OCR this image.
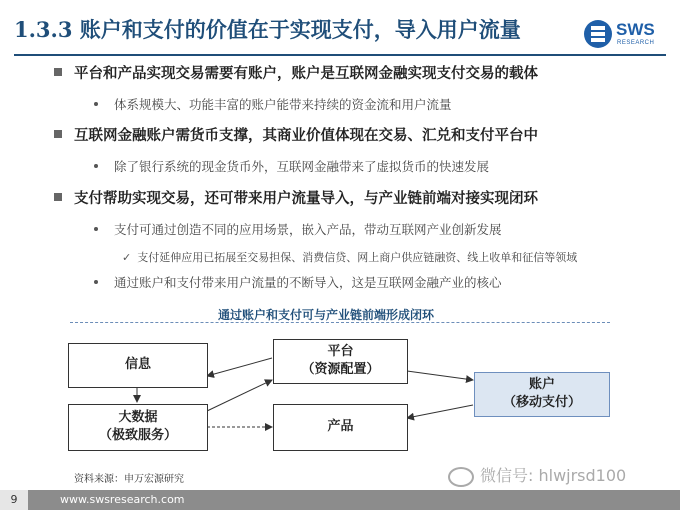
1.3.3 账户和支付的价值在于实现支付，导入用户流量	SWS
RESEARCH
平台和产品实现交易需要有账户，账户是互联网金融实现支付交易的载体
体系规模大、功能丰富的账户能带来持续的资金流和用户流量
互联网金融账户需货币支撑，其商业价值体现在交易、汇兑和支付平台中
除了银行系统的现金货币外，互联网金融带来了虚拟货币的快速发展
支付帮助实现交易，还可带来用户流量导入，与产业链前端对接实现闭环
支付可通过创造不同的应用场景，嵌入产品，带动互联网产业创新发展
✓ 支付延伸应用已拓展至交易担保、消费信贷、网上商户供应链融资、线上收单和征信等领域
通过账户和支付带来用户流量的不断导入，这是互联网金融产业的核心
通过账户和支付可与产业链前端形成闭环
信息
平台
（资源配置）
大数据
（极致服务）
产品
账户
（移动支付）
资料来源：申万宏源研究	微信号: hlwjrsd100
9	www.swsresearch.com
